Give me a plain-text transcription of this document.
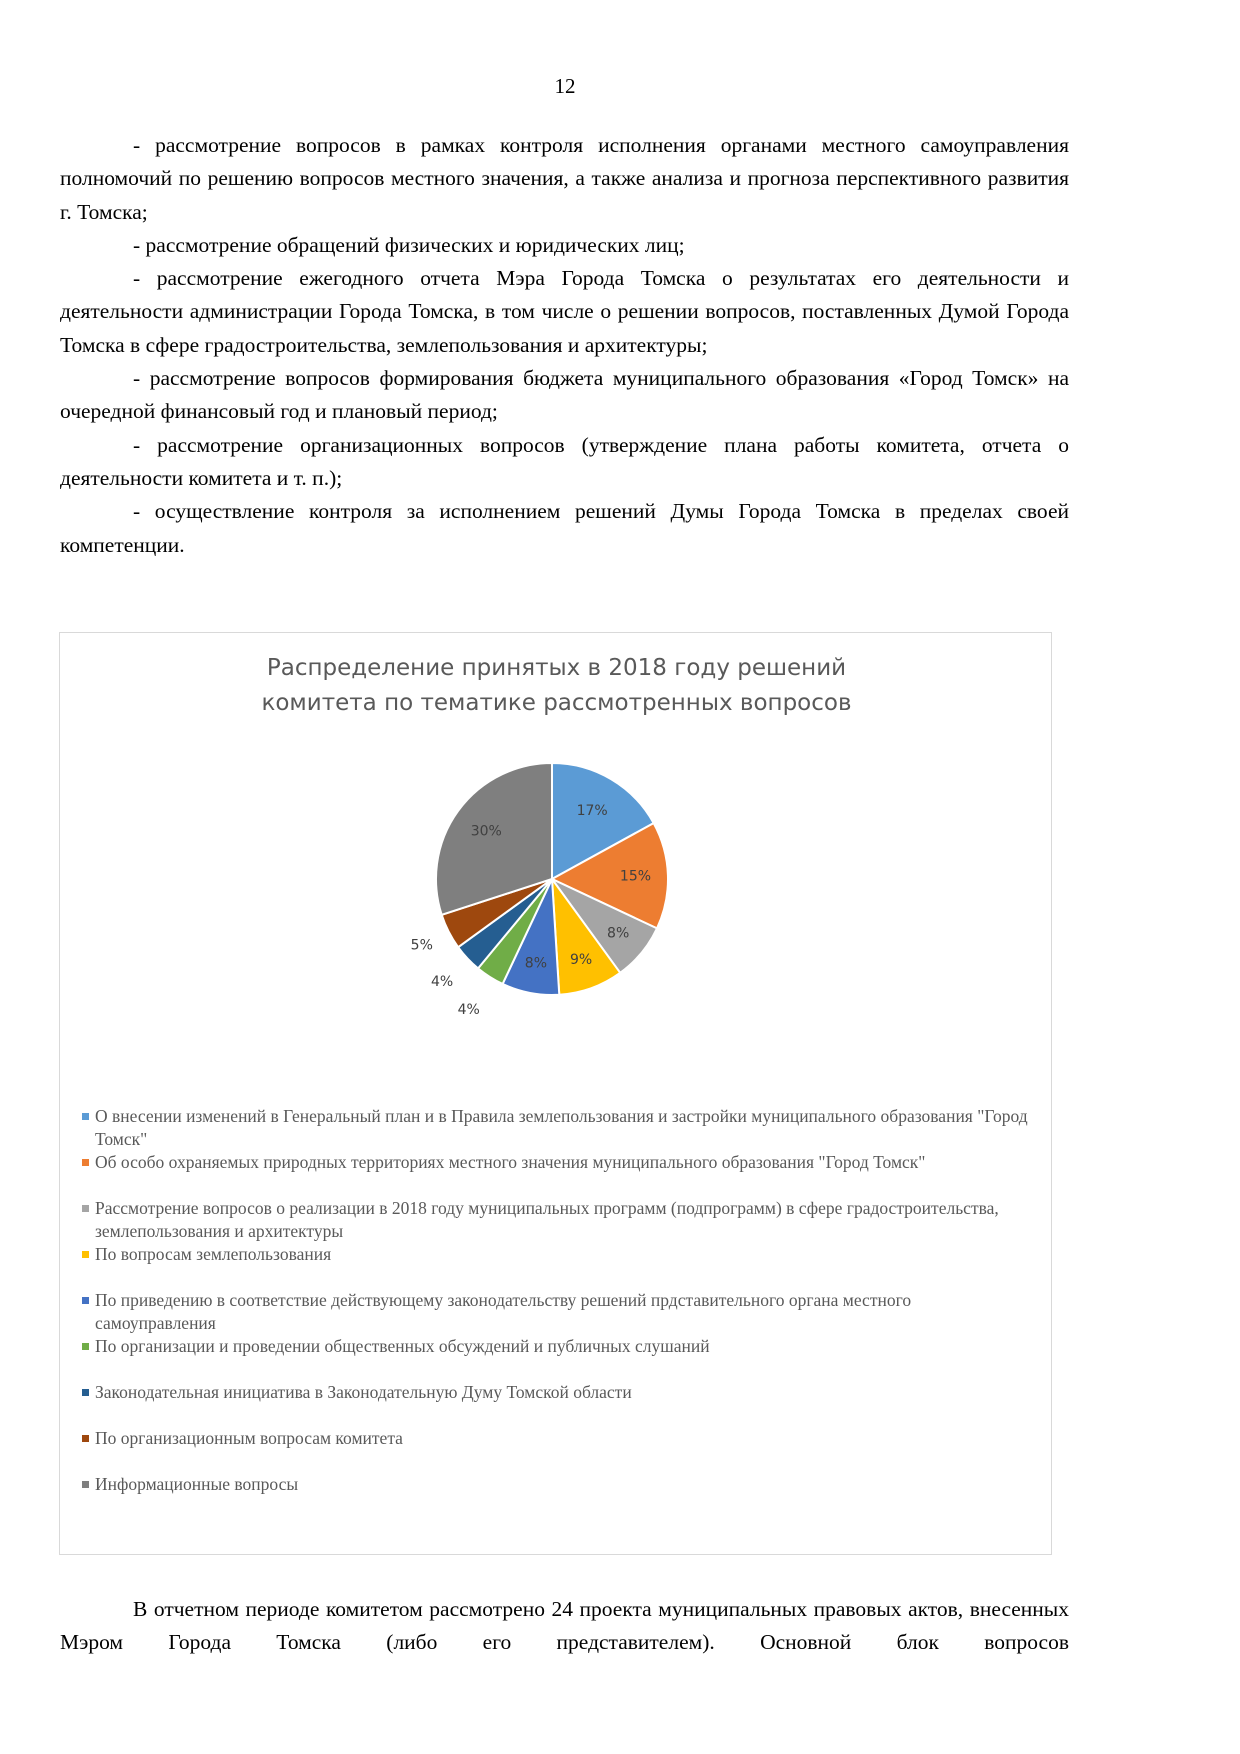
12

- рассмотрение вопросов в рамках контроля исполнения органами местного самоуправления полномочий по решению вопросов местного значения, а также анализа и прогноза перспективного развития г. Томска;

- рассмотрение обращений физических и юридических лиц;

- рассмотрение ежегодного отчета Мэра Города Томска о результатах его деятельности и деятельности администрации Города Томска, в том числе о решении вопросов, поставленных Думой Города Томска в сфере градостроительства, землепользования и архитектуры;

- рассмотрение вопросов формирования бюджета муниципального образования «Город Томск» на очередной финансовый год и плановый период;

- рассмотрение организационных вопросов (утверждение плана работы комитета, отчета о деятельности комитета и т. п.);

- осуществление контроля за исполнением решений Думы Города Томска в пределах своей компетенции.

Распределение принятых в 2018 году решений
комитета по тематике рассмотренных вопросов
17%
15%
8%
9%
8%
4%
4%
5%
30%
О внесении изменений в Генеральный план и в Правила землепользования и застройки муниципального образования "Город Томск"
Об особо охраняемых природных территориях местного значения муниципального образования "Город Томск"
Рассмотрение вопросов о реализации в 2018 году муниципальных программ (подпрограмм) в сфере градостроительства, землепользования и архитектуры
По вопросам землепользования
По приведению в соответствие действующему законодательству решений прдставительного органа местного самоуправления
По организации и проведении общественных обсуждений и публичных слушаний
Законодательная инициатива в Законодательную Думу Томской области
По организационным вопросам комитета
Информационные вопросы

В отчетном периоде комитетом рассмотрено 24 проекта муниципальных правовых актов, внесенных Мэром Города Томска (либо его представителем). Основной блок вопросов
